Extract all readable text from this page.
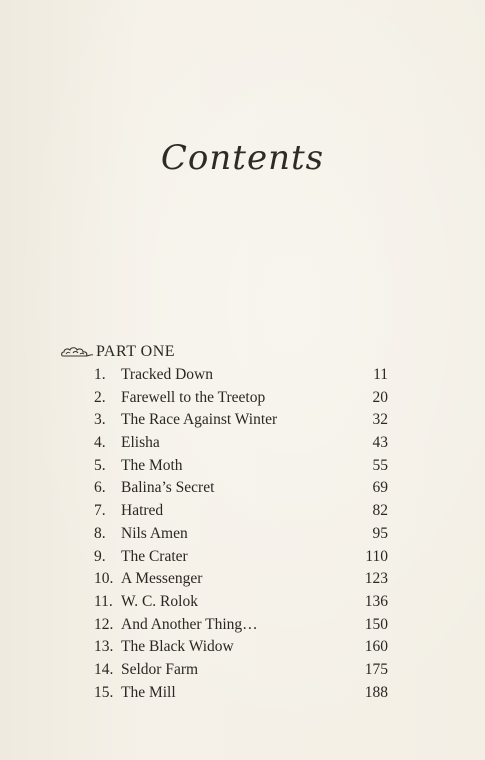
Contents
PART ONE
1. Tracked Down	11
2. Farewell to the Treetop	20
3. The Race Against Winter	32
4. Elisha	43
5. The Moth	55
6. Balina’s Secret	69
7. Hatred	82
8. Nils Amen	95
9. The Crater	110
10. A Messenger	123
11. W. C. Rolok	136
12. And Another Thing…	150
13. The Black Widow	160
14. Seldor Farm	175
15. The Mill	188
